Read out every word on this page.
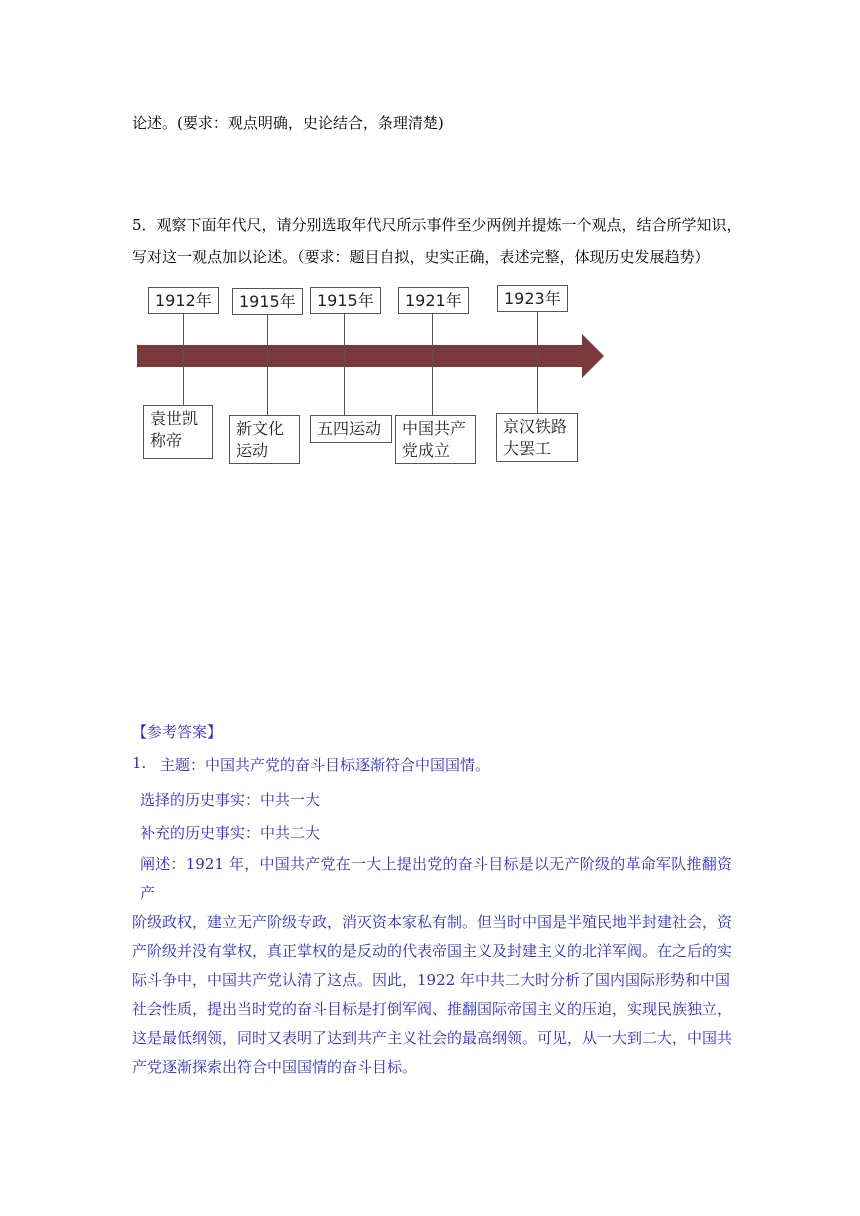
论述。(要求：观点明确，史论结合，条理清楚)
5．观察下面年代尺，请分别选取年代尺所示事件至少两例并提炼一个观点，结合所学知识，
写对这一观点加以论述。（要求：题目自拟，史实正确，表述完整，体现历史发展趋势）
1912年	1915年	1915年	1921年	1923年
袁世凯
称帝
新文化
运动
五四运动	中国共产
党成立
京汉铁路
大罢工
【参考答案】
1. 主题：中国共产党的奋斗目标逐渐符合中国国情。
选择的历史事实：中共一大
补充的历史事实：中共二大
阐述：1921 年，中国共产党在一大上提出党的奋斗目标是以无产阶级的革命军队推翻资产
阶级政权，建立无产阶级专政，消灭资本家私有制。但当时中国是半殖民地半封建社会，资
产阶级并没有掌权，真正掌权的是反动的代表帝国主义及封建主义的北洋军阀。在之后的实
际斗争中，中国共产党认清了这点。因此，1922 年中共二大时分析了国内国际形势和中国
社会性质，提出当时党的奋斗目标是打倒军阀、推翻国际帝国主义的压迫，实现民族独立，
这是最低纲领，同时又表明了达到共产主义社会的最高纲领。可见，从一大到二大，中国共
产党逐渐探索出符合中国国情的奋斗目标。
